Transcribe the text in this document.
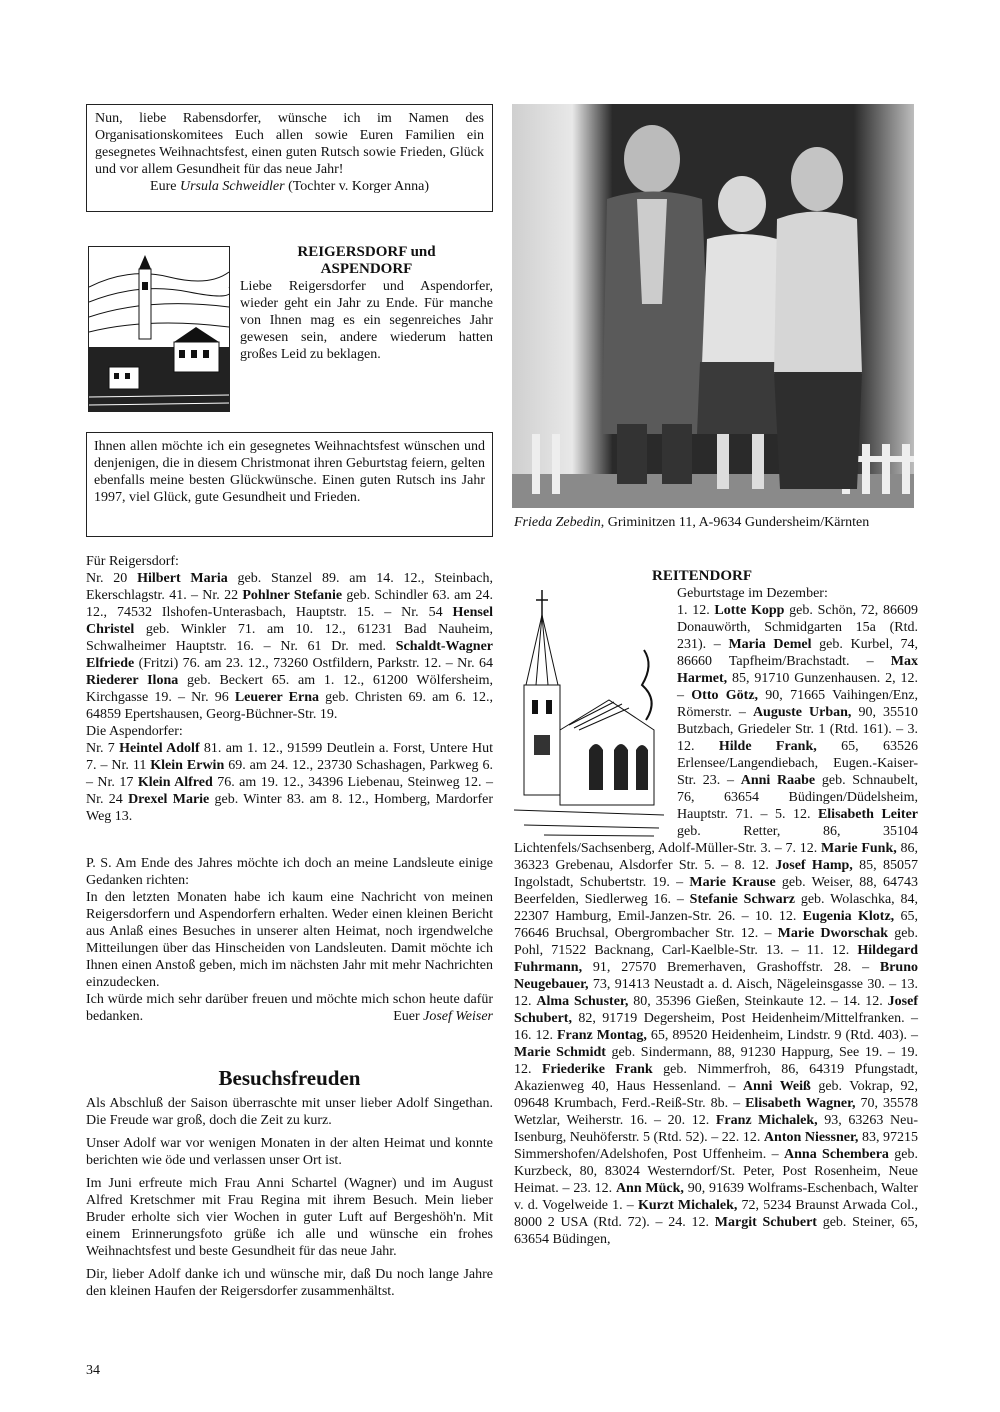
Nun, liebe Rabensdorfer, wünsche ich im Namen des Organisationskomitees Euch allen sowie Euren Familien ein gesegnetes Weihnachtsfest, einen guten Rutsch sowie Frieden, Glück und vor allem Gesundheit für das neue Jahr!

Eure Ursula Schweidler (Tochter v. Korger Anna)

REIGERSDORF und

ASPENDORF

Liebe Reigersdorfer und Aspendorfer, wieder geht ein Jahr zu Ende. Für manche von Ihnen mag es ein segenreiches Jahr gewesen sein, andere wiederum hatten großes Leid zu beklagen.

Ihnen allen möchte ich ein gesegnetes Weihnachtsfest wünschen und denjenigen, die in diesem Christmonat ihren Geburtstag feiern, gelten ebenfalls meine besten Glückwünsche. Einen guten Rutsch ins Jahr 1997, viel Glück, gute Gesundheit und Frieden.

Frieda Zebedin, Griminitzen 11, A-9634 Gundersheim/Kärnten

Für Reigersdorf:

Nr. 20 Hilbert Maria geb. Stanzel 89. am 14. 12., Steinbach, Ekerschlagstr. 41. – Nr. 22 Pohlner Stefanie geb. Schindler 63. am 24. 12., 74532 Ilshofen-Unterasbach, Hauptstr. 15. – Nr. 54 Hensel Christel geb. Winkler 71. am 10. 12., 61231 Bad Nauheim, Schwalheimer Hauptstr. 16. – Nr. 61 Dr. med. Schaldt-Wagner Elfriede (Fritzi) 76. am 23. 12., 73260 Ostfildern, Parkstr. 12. – Nr. 64 Riederer Ilona geb. Beckert 65. am 1. 12., 61200 Wölfersheim, Kirchgasse 19. – Nr. 96 Leuerer Erna geb. Christen 69. am 6. 12., 64859 Epertshausen, Georg-Büchner-Str. 19.

Die Aspendorfer:

Nr. 7 Heintel Adolf 81. am 1. 12., 91599 Deutlein a. Forst, Untere Hut 7. – Nr. 11 Klein Erwin 69. am 24. 12., 23730 Schashagen, Parkweg 6. – Nr. 17 Klein Alfred 76. am 19. 12., 34396 Liebenau, Steinweg 12. – Nr. 24 Drexel Marie geb. Winter 83. am 8. 12., Homberg, Mardorfer Weg 13.

P. S. Am Ende des Jahres möchte ich doch an meine Landsleute einige Gedanken richten:

In den letzten Monaten habe ich kaum eine Nachricht von meinen Reigersdorfern und Aspendorfern erhalten. Weder einen kleinen Bericht aus Anlaß eines Besuches in unserer alten Heimat, noch irgendwelche Mitteilungen über das Hinscheiden von Landsleuten. Damit möchte ich Ihnen einen Anstoß geben, mich im nächsten Jahr mit mehr Nachrichten einzudecken.

Ich würde mich sehr darüber freuen und möchte mich schon heute dafür bedanken.	Euer Josef Weiser

Besuchsfreuden

Als Abschluß der Saison überraschte mit unser lieber Adolf Singethan. Die Freude war groß, doch die Zeit zu kurz.

Unser Adolf war vor wenigen Monaten in der alten Heimat und konnte berichten wie öde und verlassen unser Ort ist.

Im Juni erfreute mich Frau Anni Schartel (Wagner) und im August Alfred Kretschmer mit Frau Regina mit ihrem Besuch. Mein lieber Bruder erholte sich vier Wochen in guter Luft auf Bergeshöh'n. Mit einem Erinnerungsfoto grüße ich alle und wünsche ein frohes Weihnachtsfest und beste Gesundheit für das neue Jahr.

Dir, lieber Adolf danke ich und wünsche mir, daß Du noch lange Jahre den kleinen Haufen der Reigersdorfer zusammenhältst.

REITENDORF
Geburtstage im Dezember:
1. 12. Lotte Kopp geb. Schön, 72, 86609 Donauwörth, Schmidgarten 15a (Rtd. 231). – Maria Demel geb. Kurbel, 74, 86660 Tapfheim/Brachstadt. – Max Harmet, 85, 91710 Gunzenhausen. 2, 12. – Otto Götz, 90, 71665 Vaihingen/Enz, Römerstr. – Auguste Urban, 90, 35510 Butzbach, Griedeler Str. 1 (Rtd. 161). – 3. 12. Hilde Frank, 65, 63526 Erlensee/Langendiebach, Eugen.-Kaiser-Str. 23. – Anni Raabe geb. Schnaubelt, 76, 63654 Büdingen/Düdelsheim, Hauptstr. 71. – 5. 12. Elisabeth Leiter geb. Retter, 86, 35104 Lichtenfels/Sachsenberg, Adolf-Müller-Str. 3. – 7. 12. Marie Funk, 86, 36323 Grebenau, Alsdorfer Str. 5. – 8. 12. Josef Hamp, 85, 85057 Ingolstadt, Schubertstr. 19. – Marie Krause geb. Weiser, 88, 64743 Beerfelden, Siedlerweg 16. – Stefanie Schwarz geb. Wolaschka, 84, 22307 Hamburg, Emil-Janzen-Str. 26. – 10. 12. Eugenia Klotz, 65, 76646 Bruchsal, Obergrombacher Str. 12. – Marie Dworschak geb. Pohl, 71522 Backnang, Carl-Kaelble-Str. 13. – 11. 12. Hildegard Fuhrmann, 91, 27570 Bremerhaven, Grashoffstr. 28. – Bruno Neugebauer, 73, 91413 Neustadt a. d. Aisch, Nägeleinsgasse 30. – 13. 12. Alma Schuster, 80, 35396 Gießen, Steinkaute 12. – 14. 12. Josef Schubert, 82, 91719 Degersheim, Post Heidenheim/Mittelfranken. – 16. 12. Franz Montag, 65, 89520 Heidenheim, Lindstr. 9 (Rtd. 403). – Marie Schmidt geb. Sindermann, 88, 91230 Happurg, See 19. – 19. 12. Friederike Frank geb. Nimmerfroh, 86, 64319 Pfungstadt, Akazienweg 40, Haus Hessenland. – Anni Weiß geb. Vokrap, 92, 09648 Krumbach, Ferd.-Reiß-Str. 8b. – Elisabeth Wagner, 70, 35578 Wetzlar, Weiherstr. 16. – 20. 12. Franz Michalek, 93, 63263 Neu-Isenburg, Neuhöferstr. 5 (Rtd. 52). – 22. 12. Anton Niessner, 83, 97215 Simmershofen/Adelshofen, Post Uffenheim. – Anna Schembera geb. Kurzbeck, 80, 83024 Westerndorf/St. Peter, Post Rosenheim, Neue Heimat. – 23. 12. Ann Mück, 90, 91639 Wolframs-Eschenbach, Walter v. d. Vogelweide 1. – Kurzt Michalek, 72, 5234 Braunst Arwada Col., 8000 2 USA (Rtd. 72). – 24. 12. Margit Schubert geb. Steiner, 65, 63654 Büdingen,
34
